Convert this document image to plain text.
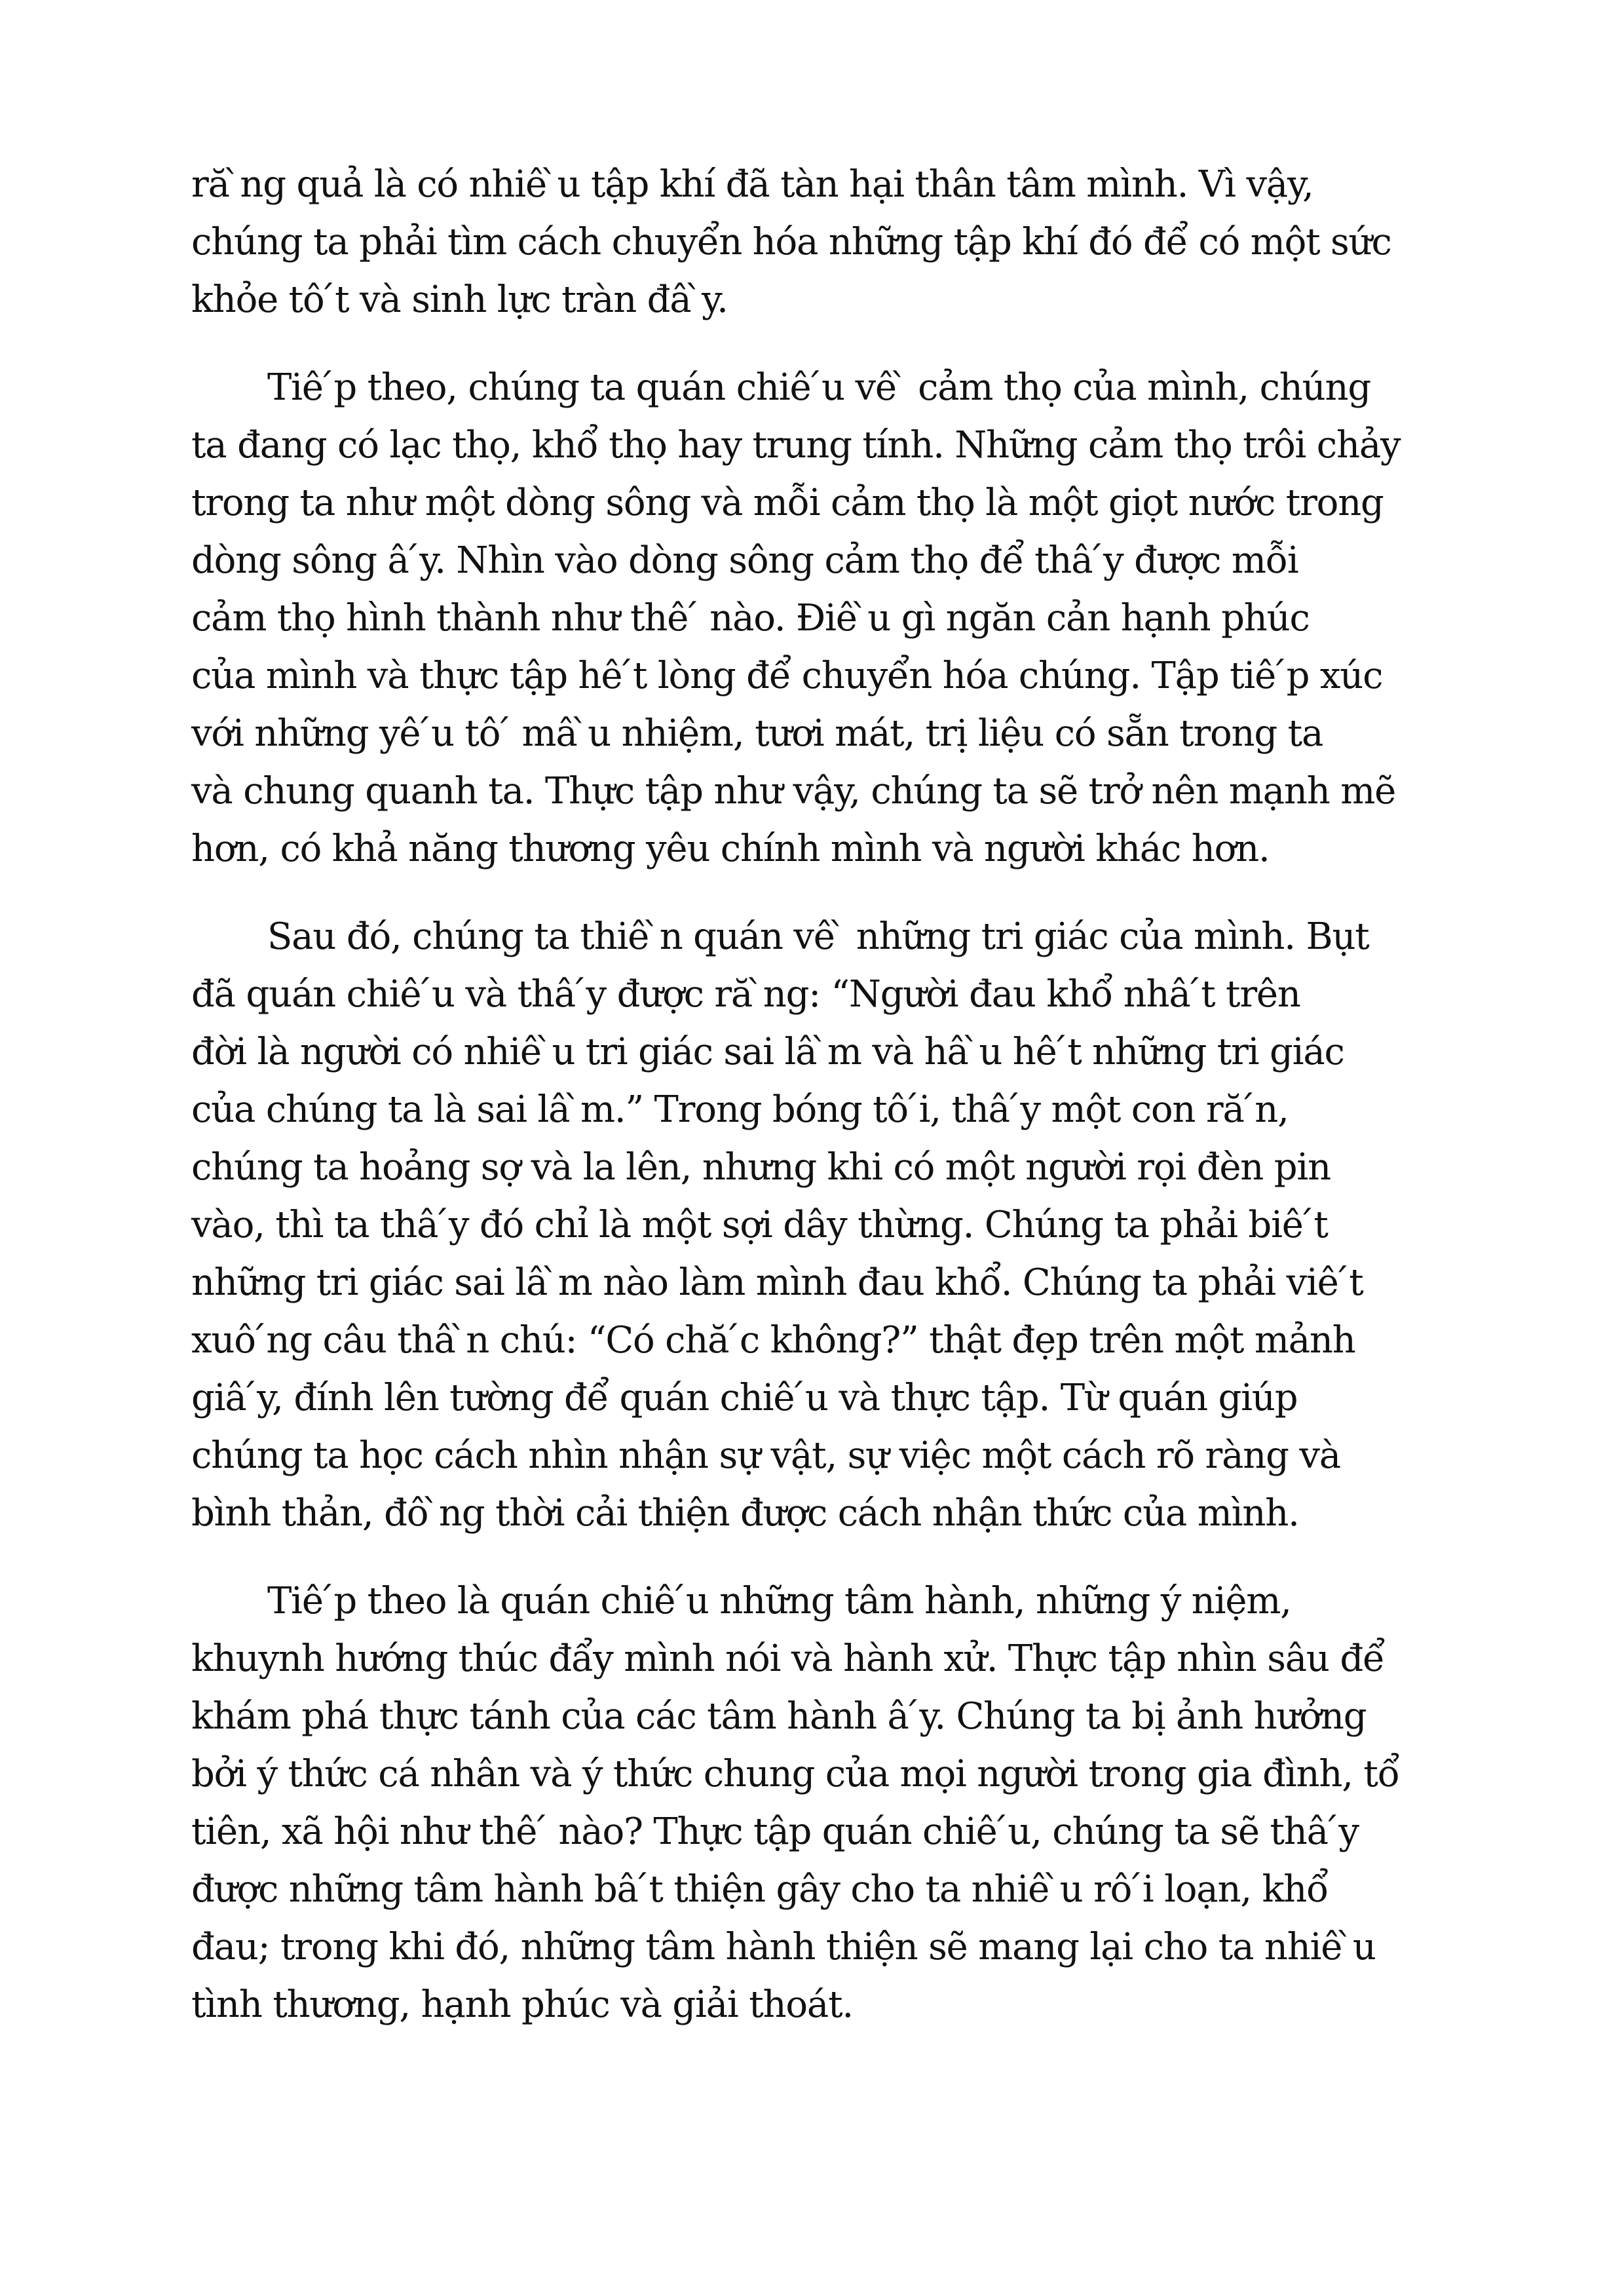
ră ̀ng quả là có nhiê ̀u tập khí đã tàn hại thân tâm mình. Vì vậy,
chúng ta phải tìm cách chuyển hóa những tập khí đó để có một sức
khỏe tô ́t và sinh lực tràn đâ ̀y.
Tiê ́p theo, chúng ta quán chiê ́u vê ̀ cảm thọ của mình, chúng
ta đang có lạc thọ, khổ thọ hay trung tính. Những cảm thọ trôi chảy
trong ta như một dòng sông và mỗi cảm thọ là một giọt nước trong
dòng sông â ́y. Nhìn vào dòng sông cảm thọ để thâ ́y được mỗi
cảm thọ hình thành như thê ́ nào. Điê ̀u gì ngăn cản hạnh phúc
của mình và thực tập hê ́t lòng để chuyển hóa chúng. Tập tiê ́p xúc
với những yê ́u tô ́ mâ ̀u nhiệm, tươi mát, trị liệu có sẵn trong ta
và chung quanh ta. Thực tập như vậy, chúng ta sẽ trở nên mạnh mẽ
hơn, có khả năng thương yêu chính mình và người khác hơn.
Sau đó, chúng ta thiê ̀n quán vê ̀ những tri giác của mình. Bụt
đã quán chiê ́u và thâ ́y được ră ̀ng: “Người đau khổ nhâ ́t trên
đời là người có nhiê ̀u tri giác sai lâ ̀m và hâ ̀u hê ́t những tri giác
của chúng ta là sai lâ ̀m.” Trong bóng tô ́i, thâ ́y một con ră ́n,
chúng ta hoảng sợ và la lên, nhưng khi có một người rọi đèn pin
vào, thì ta thâ ́y đó chỉ là một sợi dây thừng. Chúng ta phải biê ́t
những tri giác sai lâ ̀m nào làm mình đau khổ. Chúng ta phải viê ́t
xuô ́ng câu thâ ̀n chú: “Có chă ́c không?” thật đẹp trên một mảnh
giâ ́y, đính lên tường để quán chiê ́u và thực tập. Từ quán giúp
chúng ta học cách nhìn nhận sự vật, sự việc một cách rõ ràng và
bình thản, đô ̀ng thời cải thiện được cách nhận thức của mình.
Tiê ́p theo là quán chiê ́u những tâm hành, những ý niệm,
khuynh hướng thúc đẩy mình nói và hành xử. Thực tập nhìn sâu để
khám phá thực tánh của các tâm hành â ́y. Chúng ta bị ảnh hưởng
bởi ý thức cá nhân và ý thức chung của mọi người trong gia đình, tổ
tiên, xã hội như thê ́ nào? Thực tập quán chiê ́u, chúng ta sẽ thâ ́y
được những tâm hành bâ ́t thiện gây cho ta nhiê ̀u rô ́i loạn, khổ
đau; trong khi đó, những tâm hành thiện sẽ mang lại cho ta nhiê ̀u
tình thương, hạnh phúc và giải thoát.
